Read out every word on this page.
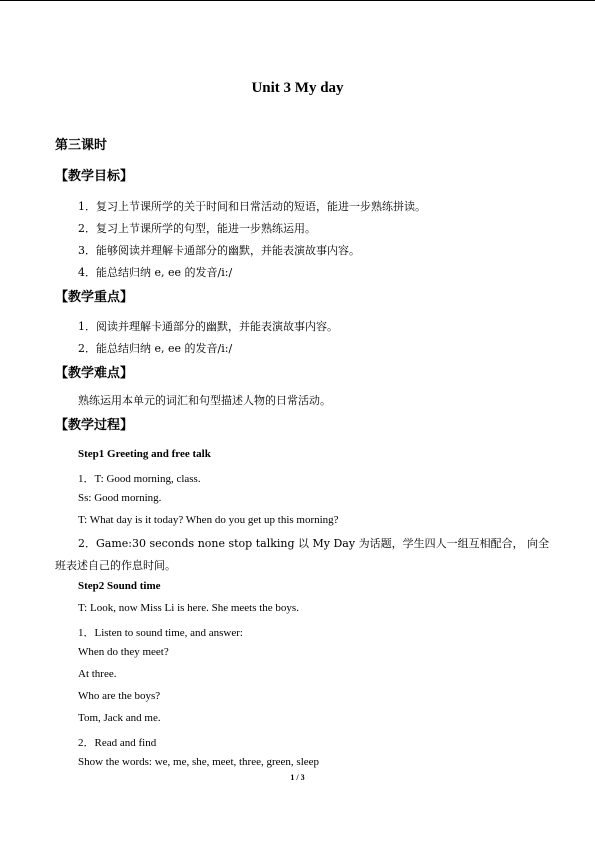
Unit 3 My day
第三课时
【教学目标】
1．复习上节课所学的关于时间和日常活动的短语，能进一步熟练拼读。
2．复习上节课所学的句型，能进一步熟练运用。
3．能够阅读并理解卡通部分的幽默，并能表演故事内容。
4．能总结归纳 e, ee 的发音/i:/
【教学重点】
1．阅读并理解卡通部分的幽默，并能表演故事内容。
2．能总结归纳 e, ee 的发音/i:/
【教学难点】
熟练运用本单元的词汇和句型描述人物的日常活动。
【教学过程】
Step1 Greeting and free talk
1．T: Good morning, class.
Ss: Good morning.
T: What day is it today? When do you get up this morning?
2．Game:30 seconds none stop talking 以 My Day 为话题，学生四人一组互相配合， 向全
班表述自己的作息时间。
Step2 Sound time
T: Look, now Miss Li is here. She meets the boys.
1．Listen to sound time, and answer:
When do they meet?
At three.
Who are the boys?
Tom, Jack and me.
2．Read and find
Show the words: we, me, she, meet, three, green, sleep
1 / 3
